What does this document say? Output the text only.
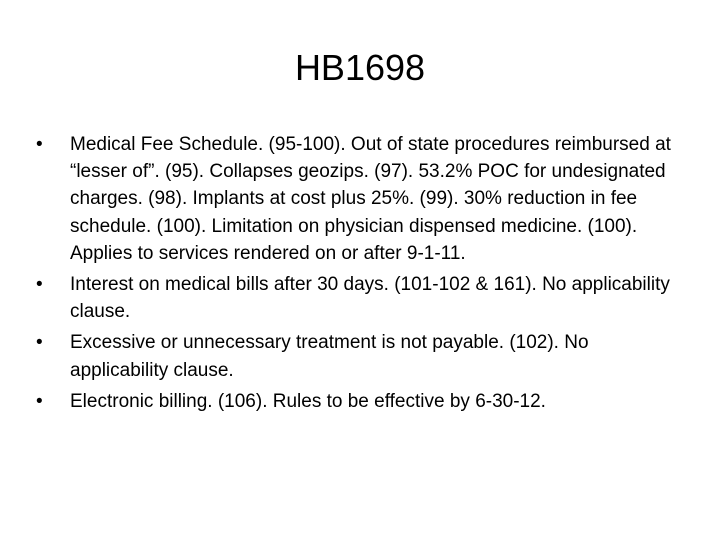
HB1698
•	Medical Fee Schedule. (95-100). Out of state procedures reimbursed at “lesser of”. (95). Collapses geozips. (97). 53.2% POC for undesignated charges. (98). Implants at cost plus 25%. (99). 30% reduction in fee schedule. (100). Limitation on physician dispensed medicine. (100). Applies to services rendered on or after 9-1-11.
•	Interest on medical bills after 30 days. (101-102 & 161). No applicability clause.
•	Excessive or unnecessary treatment is not payable. (102). No applicability clause.
•	Electronic billing. (106). Rules to be effective by 6-30-12.
